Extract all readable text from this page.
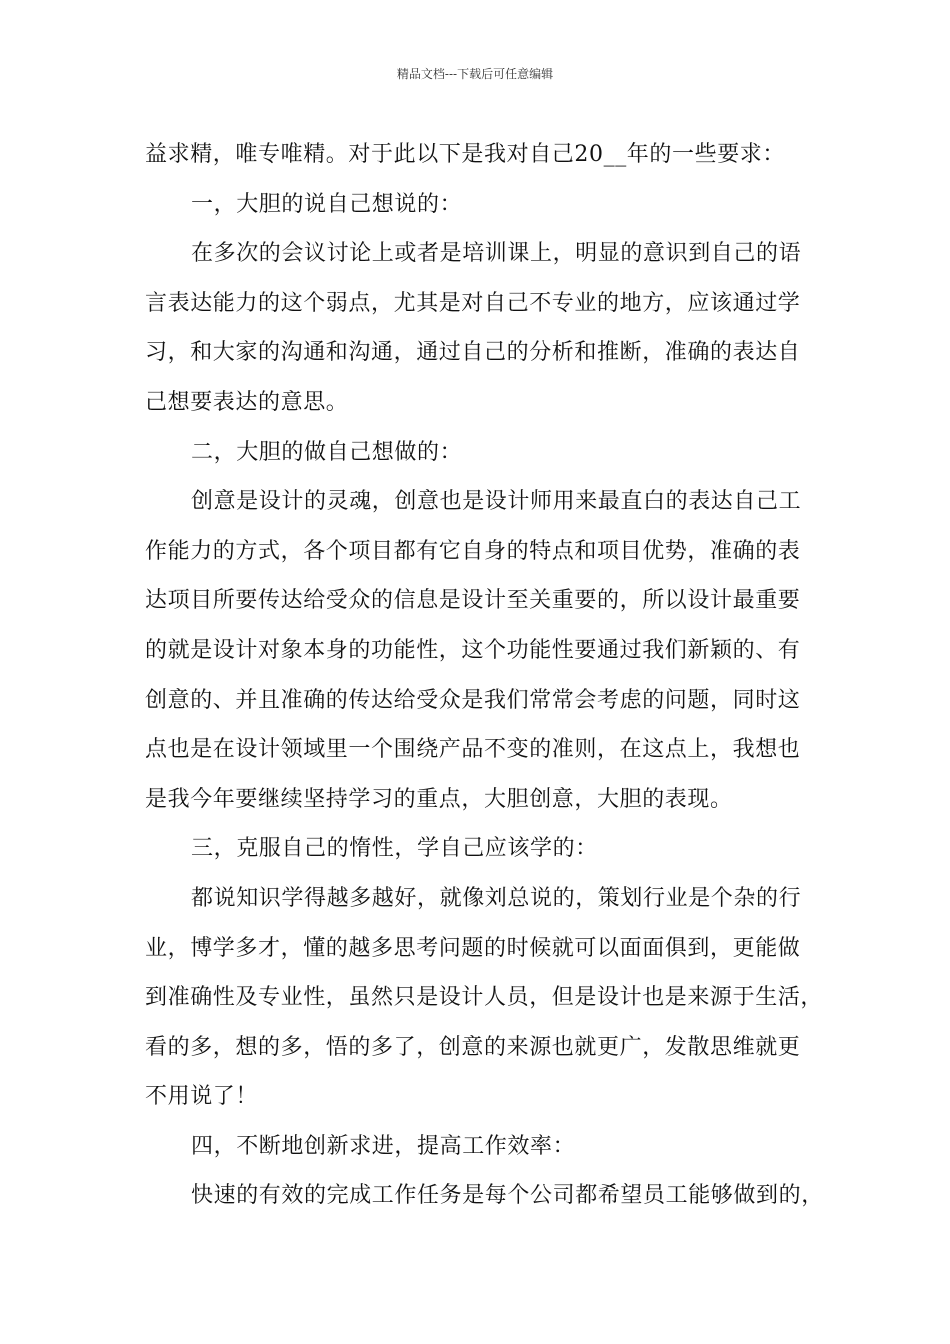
精品文档---下载后可任意编辑
益求精，唯专唯精。对于此以下是我对自己20__年的一些要求：
一，大胆的说自己想说的：
在多次的会议讨论上或者是培训课上，明显的意识到自己的语
言表达能力的这个弱点，尤其是对自己不专业的地方，应该通过学
习，和大家的沟通和沟通，通过自己的分析和推断，准确的表达自
己想要表达的意思。
二，大胆的做自己想做的：
创意是设计的灵魂，创意也是设计师用来最直白的表达自己工
作能力的方式，各个项目都有它自身的特点和项目优势，准确的表
达项目所要传达给受众的信息是设计至关重要的，所以设计最重要
的就是设计对象本身的功能性，这个功能性要通过我们新颖的、有
创意的、并且准确的传达给受众是我们常常会考虑的问题，同时这
点也是在设计领域里一个围绕产品不变的准则，在这点上，我想也
是我今年要继续坚持学习的重点，大胆创意，大胆的表现。
三，克服自己的惰性，学自己应该学的：
都说知识学得越多越好，就像刘总说的，策划行业是个杂的行
业，博学多才，懂的越多思考问题的时候就可以面面俱到，更能做
到准确性及专业性，虽然只是设计人员，但是设计也是来源于生活，
看的多，想的多，悟的多了，创意的来源也就更广，发散思维就更
不用说了！
四，不断地创新求进，提高工作效率：
快速的有效的完成工作任务是每个公司都希望员工能够做到的，
